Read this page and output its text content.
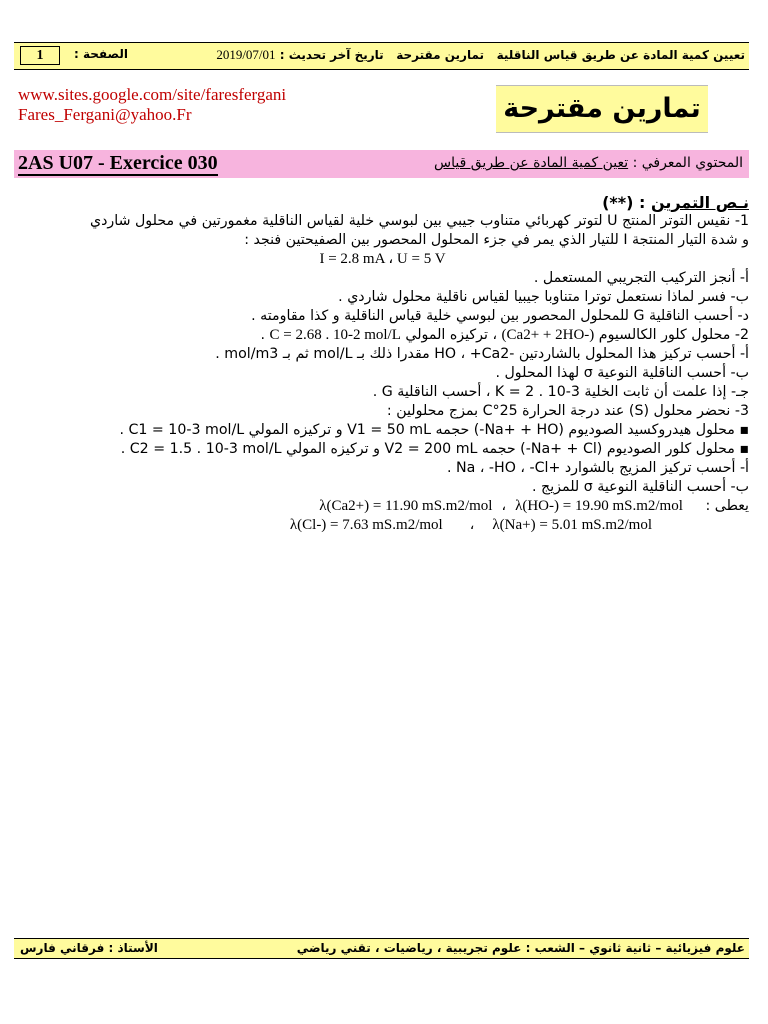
1	الصفحة :	تعيين كمية المادة عن طريق قياس الناقلية   تمارين مقترحة   تاريخ آخر تحديث : 2019/07/01
www.sites.google.com/site/faresfergani
Fares_Fergani@yahoo.Fr	تمارين مقترحة
2AS U07 - Exercice 030	المحتوي المعرفي : تعين كمية المادة عن طريق قياس
نـص التمرين : (**)
1- نقيس التوتر المنتج U لتوتر كهربائي متناوب جيبي بين لبوسي خلية لقياس الناقلية مغمورتين في محلول شاردي
و شدة التيار المنتجة I للتيار الذي يمر في جزء المحلول المحصور بين الصفيحتين فنجد :
I = 2.8 mA ، U = 5 V
أ- أنجز التركيب التجريبي المستعمل .
ب- فسر لماذا نستعمل توترا متناوبا جيبيا لقياس ناقلية محلول شاردي .
د- أحسب الناقلية G للمحلول المحصور بين لبوسي خلية قياس الناقلية و كذا مقاومته .
2- محلول كلور الكالسيوم (Ca2+ + 2HO-) ، تركيزه المولي C = 2.68 . 10-2 mol/L .
أ- أحسب تركيز هذا المحلول بالشاردتين -HO ، +Ca2 مقدرا ذلك بـ mol/L ثم بـ mol/m3 .
ب- أحسب الناقلية النوعية σ لهذا المحلول .
جـ- إذا علمت أن ثابت الخلية K = 2 . 10-3 ، أحسب الناقلية G .
3- نحضر محلول (S) عند درجة الحرارة 25°C بمزج محلولين :
▪ محلول هيدروكسيد الصوديوم (Na+ + HO-) حجمه V1 = 50 mL و تركيزه المولي C1 = 10-3 mol/L .
▪ محلول كلور الصوديوم (Na+ + Cl-) حجمه V2 = 200 mL و تركيزه المولي C2 = 1.5 . 10-3 mol/L .
أ- أحسب تركيز المزيج بالشوارد +Na ، -HO ، -Cl .
ب- أحسب الناقلية النوعية σ للمزيج .
يعطى :     λ(Ca2+) = 11.90 mS.m2/mol  ،  λ(HO-) = 19.90 mS.m2/mol
λ(Cl-) = 7.63 mS.m2/mol      ،    λ(Na+) = 5.01 mS.m2/mol
الأستاذ : فرقاني فارس	علوم فيزيائية – ثانية ثانوي – الشعب : علوم تجريبية ، رياضيات ، تقني رياضي
